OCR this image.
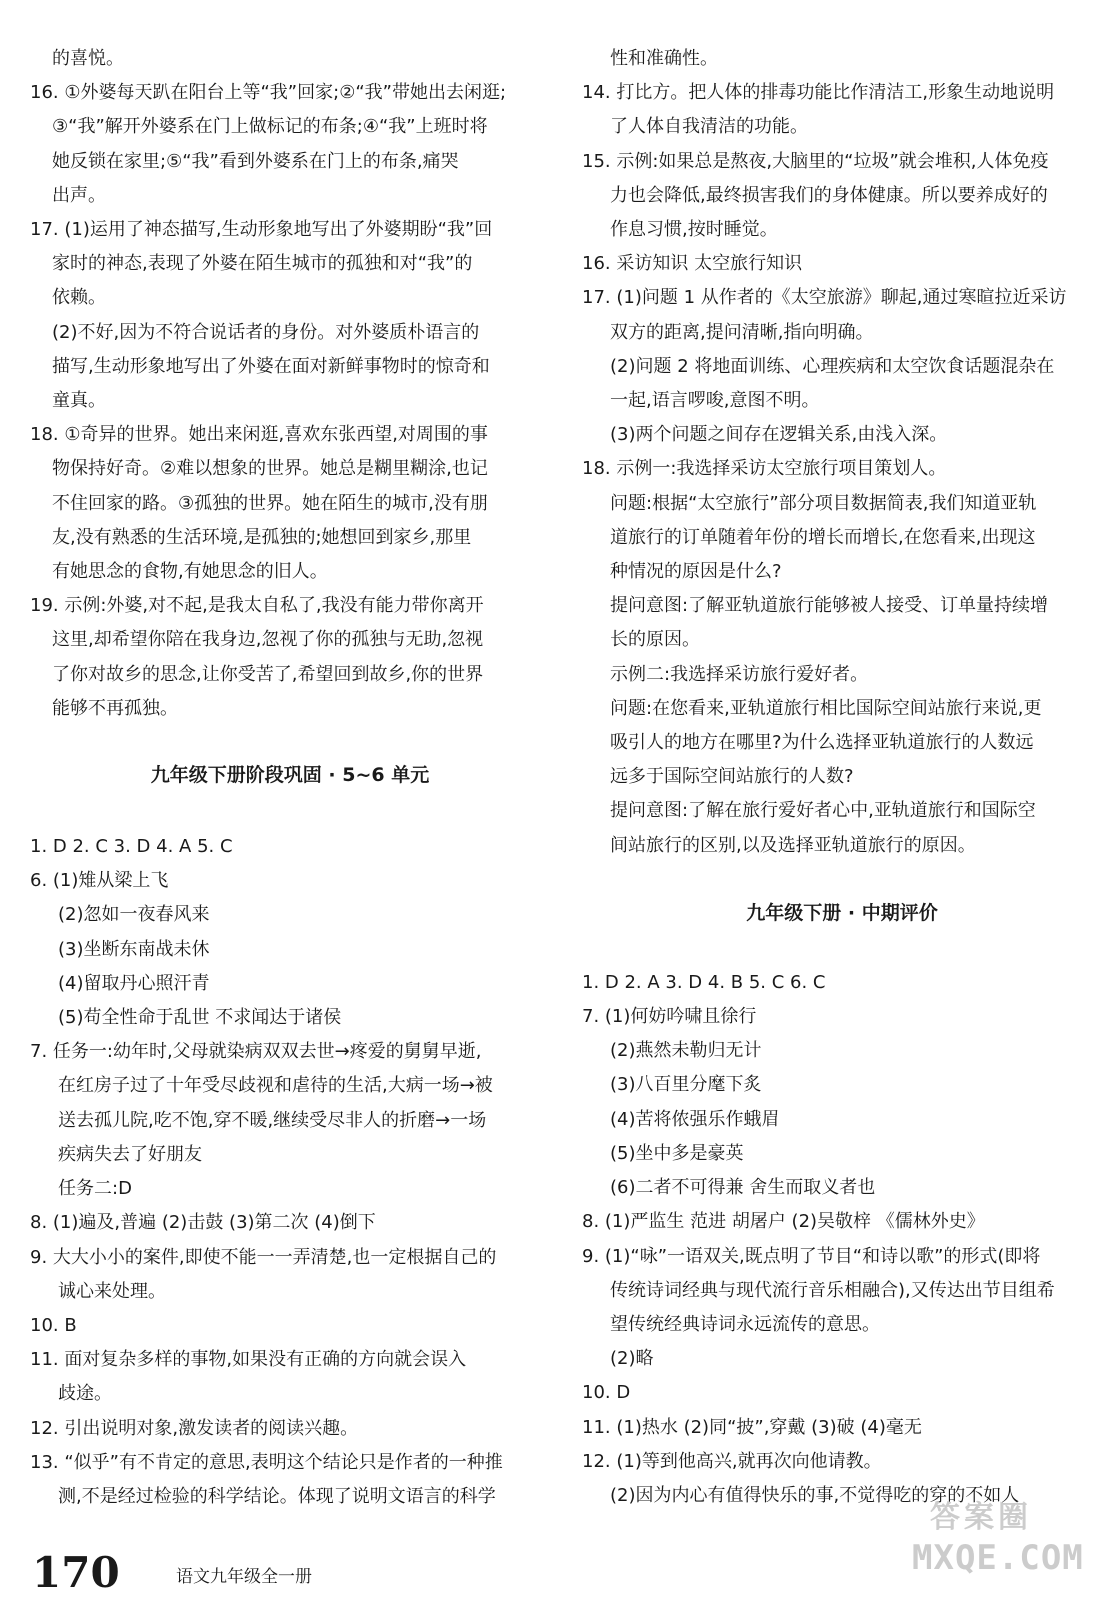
的喜悦。

16. ①外婆每天趴在阳台上等“我”回家;②“我”带她出去闲逛;

③“我”解开外婆系在门上做标记的布条;④“我”上班时将

她反锁在家里;⑤“我”看到外婆系在门上的布条,痛哭

出声。

17. (1)运用了神态描写,生动形象地写出了外婆期盼“我”回

家时的神态,表现了外婆在陌生城市的孤独和对“我”的

依赖。

(2)不好,因为不符合说话者的身份。对外婆质朴语言的

描写,生动形象地写出了外婆在面对新鲜事物时的惊奇和

童真。

18. ①奇异的世界。她出来闲逛,喜欢东张西望,对周围的事

物保持好奇。②难以想象的世界。她总是糊里糊涂,也记

不住回家的路。③孤独的世界。她在陌生的城市,没有朋

友,没有熟悉的生活环境,是孤独的;她想回到家乡,那里

有她思念的食物,有她思念的旧人。

19. 示例:外婆,对不起,是我太自私了,我没有能力带你离开

这里,却希望你陪在我身边,忽视了你的孤独与无助,忽视

了你对故乡的思念,让你受苦了,希望回到故乡,你的世界

能够不再孤独。

九年级下册阶段巩固 · 5~6 单元

1. D 2. C 3. D 4. A 5. C

6. (1)雉从梁上飞

(2)忽如一夜春风来

(3)坐断东南战未休

(4)留取丹心照汗青

(5)苟全性命于乱世 不求闻达于诸侯

7. 任务一:幼年时,父母就染病双双去世→疼爱的舅舅早逝,

在红房子过了十年受尽歧视和虐待的生活,大病一场→被

送去孤儿院,吃不饱,穿不暖,继续受尽非人的折磨→一场

疾病失去了好朋友

任务二:D

8. (1)遍及,普遍 (2)击鼓 (3)第二次 (4)倒下

9. 大大小小的案件,即使不能一一弄清楚,也一定根据自己的

诚心来处理。

10. B

11. 面对复杂多样的事物,如果没有正确的方向就会误入

歧途。

12. 引出说明对象,激发读者的阅读兴趣。

13. “似乎”有不肯定的意思,表明这个结论只是作者的一种推

测,不是经过检验的科学结论。体现了说明文语言的科学

性和准确性。

14. 打比方。把人体的排毒功能比作清洁工,形象生动地说明

了人体自我清洁的功能。

15. 示例:如果总是熬夜,大脑里的“垃圾”就会堆积,人体免疫

力也会降低,最终损害我们的身体健康。所以要养成好的

作息习惯,按时睡觉。

16. 采访知识 太空旅行知识

17. (1)问题 1 从作者的《太空旅游》聊起,通过寒暄拉近采访

双方的距离,提问清晰,指向明确。

(2)问题 2 将地面训练、心理疾病和太空饮食话题混杂在

一起,语言啰唆,意图不明。

(3)两个问题之间存在逻辑关系,由浅入深。

18. 示例一:我选择采访太空旅行项目策划人。

问题:根据“太空旅行”部分项目数据简表,我们知道亚轨

道旅行的订单随着年份的增长而增长,在您看来,出现这

种情况的原因是什么?

提问意图:了解亚轨道旅行能够被人接受、订单量持续增

长的原因。

示例二:我选择采访旅行爱好者。

问题:在您看来,亚轨道旅行相比国际空间站旅行来说,更

吸引人的地方在哪里?为什么选择亚轨道旅行的人数远

远多于国际空间站旅行的人数?

提问意图:了解在旅行爱好者心中,亚轨道旅行和国际空

间站旅行的区别,以及选择亚轨道旅行的原因。

九年级下册 · 中期评价

1. D 2. A 3. D 4. B 5. C 6. C

7. (1)何妨吟啸且徐行

(2)燕然未勒归无计

(3)八百里分麾下炙

(4)苦将侬强乐作蛾眉

(5)坐中多是豪英

(6)二者不可得兼 舍生而取义者也

8. (1)严监生 范进 胡屠户 (2)吴敬梓 《儒林外史》

9. (1)“咏”一语双关,既点明了节目“和诗以歌”的形式(即将

传统诗词经典与现代流行音乐相融合),又传达出节目组希

望传统经典诗词永远流传的意思。

(2)略

10. D

11. (1)热水 (2)同“披”,穿戴 (3)破 (4)毫无

12. (1)等到他高兴,就再次向他请教。

(2)因为内心有值得快乐的事,不觉得吃的穿的不如人

170	语文九年级全一册
答案圈
MXQE.COM
